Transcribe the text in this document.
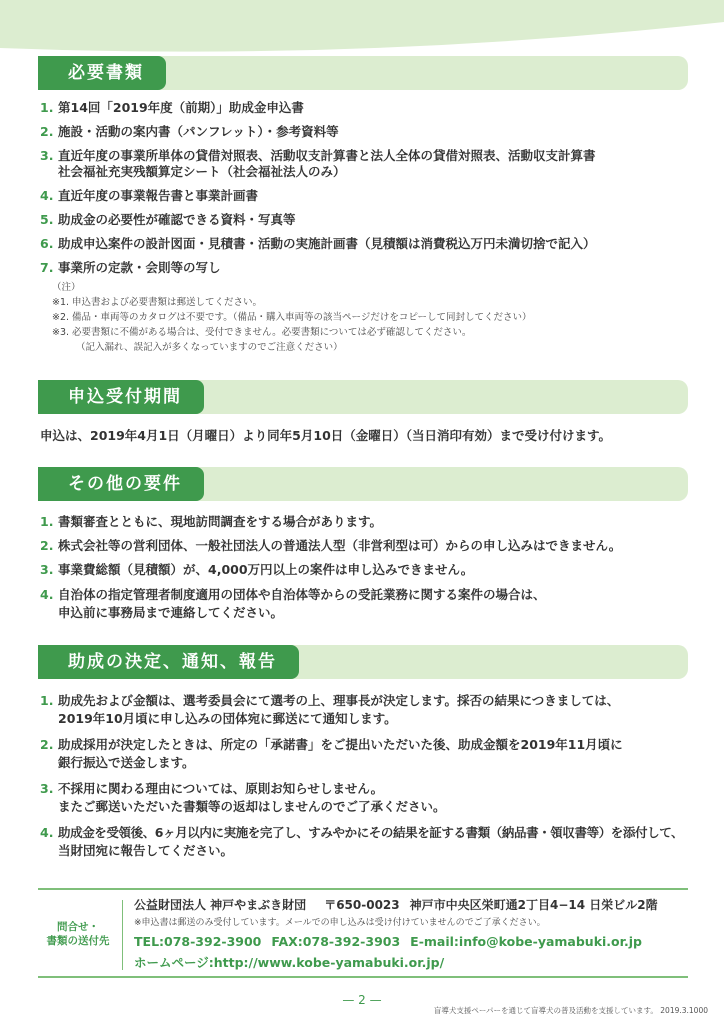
必要書類
1. 第14回「2019年度（前期）」助成金申込書
2. 施設・活動の案内書（パンフレット）・参考資料等
3. 直近年度の事業所単体の貸借対照表、活動収支計算書と法人全体の貸借対照表、活動収支計算書
社会福祉充実残額算定シート（社会福祉法人のみ）
4. 直近年度の事業報告書と事業計画書
5. 助成金の必要性が確認できる資料・写真等
6. 助成申込案件の設計図面・見積書・活動の実施計画書（見積額は消費税込万円未満切捨で記入）
7. 事業所の定款・会則等の写し
（注）
※1. 申込書および必要書類は郵送してください。
※2. 備品・車両等のカタログは不要です。（備品・購入車両等の該当ページだけをコピーして同封してください）
※3. 必要書類に不備がある場合は、受付できません。必要書類については必ず確認してください。
（記入漏れ、誤記入が多くなっていますのでご注意ください）
申込受付期間
申込は、2019年4月1日（月曜日）より同年5月10日（金曜日）（当日消印有効）まで受け付けます。
その他の要件
1. 書類審査とともに、現地訪問調査をする場合があります。
2. 株式会社等の営利団体、一般社団法人の普通法人型（非営利型は可）からの申し込みはできません。
3. 事業費総額（見積額）が、4,000万円以上の案件は申し込みできません。
4. 自治体の指定管理者制度適用の団体や自治体等からの受託業務に関する案件の場合は、
申込前に事務局まで連絡してください。
助成の決定、通知、報告
1. 助成先および金額は、選考委員会にて選考の上、理事長が決定します。採否の結果につきましては、
2019年10月頃に申し込みの団体宛に郵送にて通知します。
2. 助成採用が決定したときは、所定の「承諾書」をご提出いただいた後、助成金額を2019年11月頃に
銀行振込で送金します。
3. 不採用に関わる理由については、原則お知らせしません。
またご郵送いただいた書類等の返却はしませんのでご了承ください。
4. 助成金を受領後、6ヶ月以内に実施を完了し、すみやかにその結果を証する書類（納品書・領収書等）を添付して、
当財団宛に報告してください。
問合せ・
書類の送付先
公益財団法人 神戸やまぶき財団 〒650-0023 神戸市中央区栄町通2丁目4−14 日栄ビル2階
※申込書は郵送のみ受付しています。メールでの申し込みは受け付けていませんのでご了承ください。
TEL:078-392-3900 FAX:078-392-3903 E-mail:info@kobe-yamabuki.or.jp
ホームページ:http://www.kobe-yamabuki.or.jp/
— 2 —
盲導犬支援ペーパーを通じて盲導犬の普及活動を支援しています。 2019.3.1000
